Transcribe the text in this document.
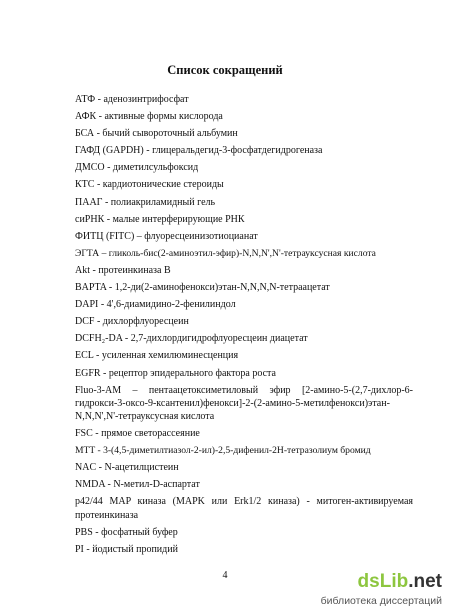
Список сокращений
АТФ - аденозинтрифосфат
АФК - активные формы кислорода
БСА - бычий сывороточный альбумин
ГАФД (GAPDH) - глицеральдегид-3-фосфатдегидрогеназа
ДМСО - диметилсульфоксид
КТС - кардиотонические стероиды
ПААГ - полиакриламидный гель
сиРНК - малые интерферирующие РНК
ФИТЦ (FITC) – флуоресцеинизотиоцианат
ЭГТА – гликоль-бис(2-аминоэтил-эфир)-N,N,N',N'-тетрауксусная кислота
Akt - протеинкиназа В
BAPTA - 1,2-ди(2-аминофенокси)этан-N,N,N,N-тетраацетат
DAPI - 4',6-диамидино-2-фенилиндол
DCF - дихлорфлуоресцеин
DCFH₂-DA - 2,7-дихлордигидрофлуоресцеин диацетат
ECL - усиленная хемилюминесценция
EGFR - рецептор эпидерального фактора роста
Fluo-3-AM – пентаацетоксиметиловый эфир [2-амино-5-(2,7-дихлор-6-гидрокси-3-оксо-9-ксантенил)фенокси]-2-(2-амино-5-метилфенокси)этан-N,N,N',N'-тетрауксусная кислота
FSC - прямое светорассеяние
MTT - 3-(4,5-диметилтиазол-2-ил)-2,5-дифенил-2Н-тетразолиум бромид
NAC - N-ацетилцистеин
NMDA - N-метил-D-аспартат
p42/44 MAP киназа (MAPK или Erk1/2 киназа) - митоген-активируемая протеинкиназа
PBS - фосфатный буфер
PI - йодистый пропидий
4	dsLib.net
библиотека диссертаций
